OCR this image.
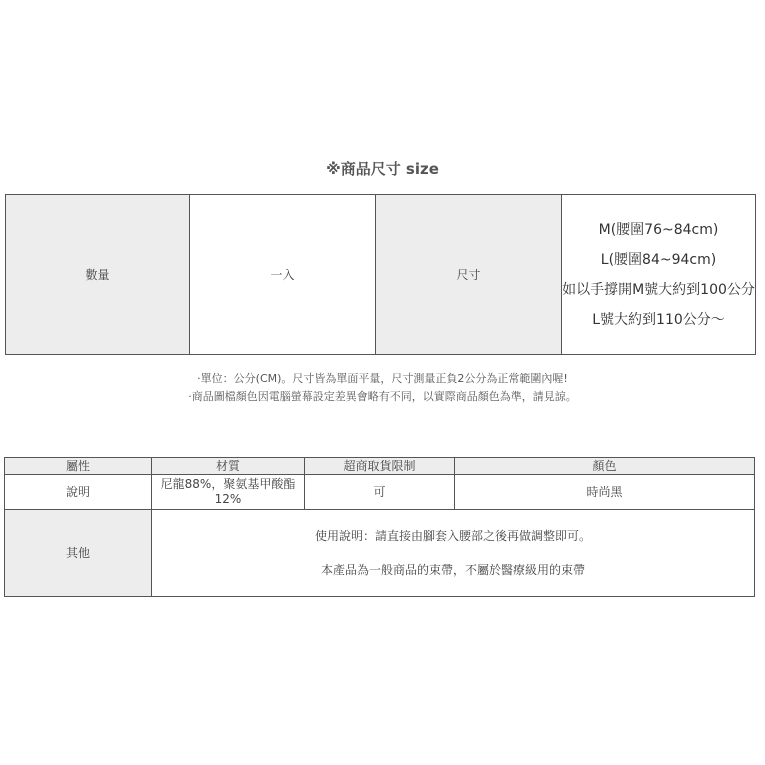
※商品尺寸 size
數量	一入	尺寸	

M(腰圍76~84cm)

L(腰圍84~94cm)

如以手撐開M號大約到100公分

L號大約到110公分～

·單位：公分(CM)。尺寸皆為單面平量，尺寸測量正負2公分為正常範圍內喔!
·商品圖檔顏色因電腦螢幕設定差異會略有不同，以實際商品顏色為準，請見諒。
屬性	材質	超商取貨限制	顏色
說明	尼龍88%，聚氨基甲酸酯12%	可	時尚黑
其他	使用說明：請直接由腳套入腰部之後再做調整即可。

本產品為一般商品的束帶，不屬於醫療級用的束帶		
